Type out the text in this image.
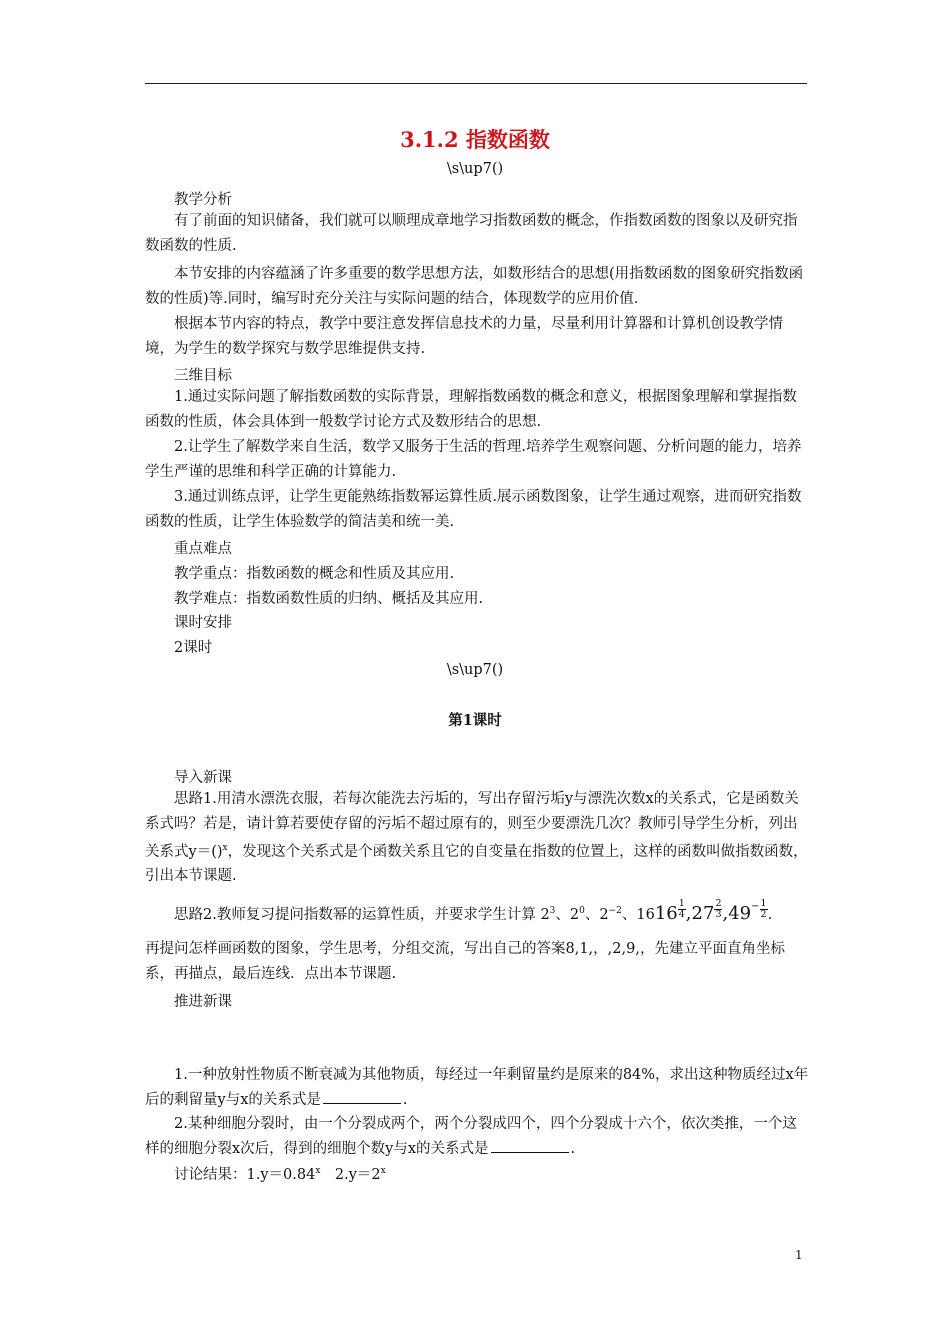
3.1.2 指数函数
\s\up7()
教学分析
有了前面的知识储备，我们就可以顺理成章地学习指数函数的概念，作指数函数的图象以及研究指数函数的性质.
本节安排的内容蕴涵了许多重要的数学思想方法，如数形结合的思想(用指数函数的图象研究指数函数的性质)等.同时，编写时充分关注与实际问题的结合，体现数学的应用价值.
根据本节内容的特点，教学中要注意发挥信息技术的力量，尽量利用计算器和计算机创设教学情境，为学生的数学探究与数学思维提供支持.
三维目标
1.通过实际问题了解指数函数的实际背景，理解指数函数的概念和意义，根据图象理解和掌握指数函数的性质，体会具体到一般数学讨论方式及数形结合的思想.
2.让学生了解数学来自生活，数学又服务于生活的哲理.培养学生观察问题、分析问题的能力，培养学生严谨的思维和科学正确的计算能力.
3.通过训练点评，让学生更能熟练指数幂运算性质.展示函数图象，让学生通过观察，进而研究指数函数的性质，让学生体验数学的简洁美和统一美.
重点难点
教学重点：指数函数的概念和性质及其应用.
教学难点：指数函数性质的归纳、概括及其应用.
课时安排
2课时
\s\up7()
第1课时
导入新课
思路1.用清水漂洗衣服，若每次能洗去污垢的，写出存留污垢y与漂洗次数x的关系式，它是函数关系式吗？若是，请计算若要使存留的污垢不超过原有的，则至少要漂洗几次？教师引导学生分析，列出关系式y＝()$^x$，发现这个关系式是个函数关系且它的自变量在指数的位置上，这样的函数叫做指数函数，引出本节课题.
思路2.教师复习提问指数幂的运算性质，并要求学生计算 $2^3$、$2^0$、$2^{-2}$、$1616 \frac{1}{4} ,27 \frac{2}{3} ,49^- \frac{1}{2}$ .
再提问怎样画函数的图象，学生思考，分组交流，写出自己的答案8,1,，,2,9,，先建立平面直角坐标系，再描点，最后连线．点出本节课题.
推进新课
1.一种放射性物质不断衰减为其他物质，每经过一年剩留量约是原来的84%，求出这种物质经过x年后的剩留量y与x的关系式是	.
2.某种细胞分裂时，由一个分裂成两个，两个分裂成四个，四个分裂成十六个，依次类推，一个这样的细胞分裂x次后，得到的细胞个数y与x的关系式是	.
讨论结果：$1.y=0.84^x$　$2.y=2^x$
1
